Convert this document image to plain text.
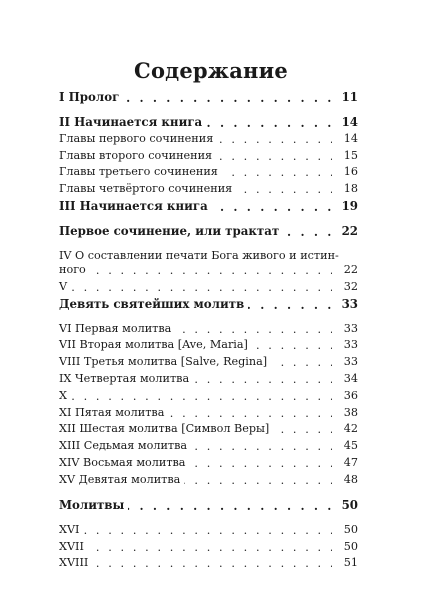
Содержание
. . .
I Пролог	11
. . .
II Начинается книга	14
. . .
Главы первого сочинения	14
. . .
Главы второго сочинения	15
. . .
Главы третьего сочинения	16
. . .
Главы четвёртого сочинения	18
. . .
III Начинается книга	19
. . .
Первое сочинение, или трактат	22
IV О составлении печати Бога живого и истин-
. . .
ного	22
. . .
V	32
. . .
Девять святейших молитв	33
. . .
VI Первая молитва	33
. . .
VII Вторая молитва [Ave, Maria]	33
. . .
VIII Третья молитва [Salve, Regina]	33
. . .
IX Четвертая молитва	34
. . .
X	36
. . .
XI Пятая молитва	38
. . .
XII Шестая молитва [Символ Веры]	42
. . .
XIII Седьмая молитва	45
. . .
XIV Восьмая молитва	47
. . .
XV Девятая молитва	48
. . .
Молитвы	50
. . .
XVI	50
. . .
XVII	50
. . .
XVIII	51
